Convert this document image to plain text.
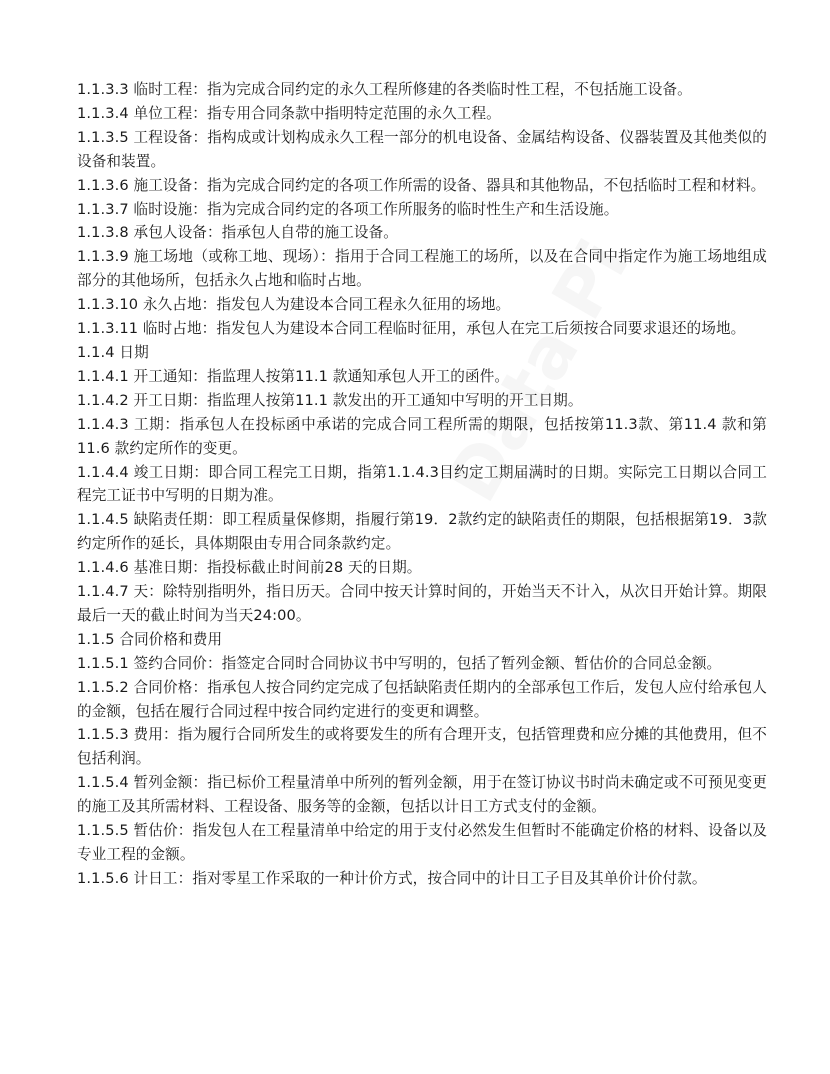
1.1.3.3 临时工程：指为完成合同约定的永久工程所修建的各类临时性工程，不包括施工设备。

1.1.3.4 单位工程：指专用合同条款中指明特定范围的永久工程。

1.1.3.5 工程设备：指构成或计划构成永久工程一部分的机电设备、金属结构设备、仪器装置及其他类似的设备和装置。

1.1.3.6 施工设备：指为完成合同约定的各项工作所需的设备、器具和其他物品，不包括临时工程和材料。

1.1.3.7 临时设施：指为完成合同约定的各项工作所服务的临时性生产和生活设施。

1.1.3.8 承包人设备：指承包人自带的施工设备。

1.1.3.9 施工场地（或称工地、现场）：指用于合同工程施工的场所，以及在合同中指定作为施工场地组成部分的其他场所，包括永久占地和临时占地。

1.1.3.10 永久占地：指发包人为建设本合同工程永久征用的场地。

1.1.3.11 临时占地：指发包人为建设本合同工程临时征用，承包人在完工后须按合同要求退还的场地。

1.1.4 日期

1.1.4.1 开工通知：指监理人按第11.1 款通知承包人开工的函件。

1.1.4.2 开工日期：指监理人按第11.1 款发出的开工通知中写明的开工日期。

1.1.4.3 工期：指承包人在投标函中承诺的完成合同工程所需的期限，包括按第11.3款、第11.4 款和第11.6 款约定所作的变更。

1.1.4.4 竣工日期：即合同工程完工日期，指第1.1.4.3目约定工期届满时的日期。实际完工日期以合同工程完工证书中写明的日期为准。

1.1.4.5 缺陷责任期：即工程质量保修期，指履行第19．2款约定的缺陷责任的期限，包括根据第19．3款约定所作的延长，具体期限由专用合同条款约定。

1.1.4.6 基准日期：指投标截止时间前28 天的日期。

1.1.4.7 天：除特别指明外，指日历天。合同中按天计算时间的，开始当天不计入，从次日开始计算。期限最后一天的截止时间为当天24:00。

1.1.5 合同价格和费用

1.1.5.1 签约合同价：指签定合同时合同协议书中写明的，包括了暂列金额、暂估价的合同总金额。

1.1.5.2 合同价格：指承包人按合同约定完成了包括缺陷责任期内的全部承包工作后，发包人应付给承包人的金额，包括在履行合同过程中按合同约定进行的变更和调整。

1.1.5.3 费用：指为履行合同所发生的或将要发生的所有合理开支，包括管理费和应分摊的其他费用，但不包括利润。

1.1.5.4 暂列金额：指已标价工程量清单中所列的暂列金额，用于在签订协议书时尚未确定或不可预见变更的施工及其所需材料、工程设备、服务等的金额，包括以计日工方式支付的金额。

1.1.5.5 暂估价：指发包人在工程量清单中给定的用于支付必然发生但暂时不能确定价格的材料、设备以及专业工程的金额。

1.1.5.6 计日工：指对零星工作采取的一种计价方式，按合同中的计日工子目及其单价计价付款。
